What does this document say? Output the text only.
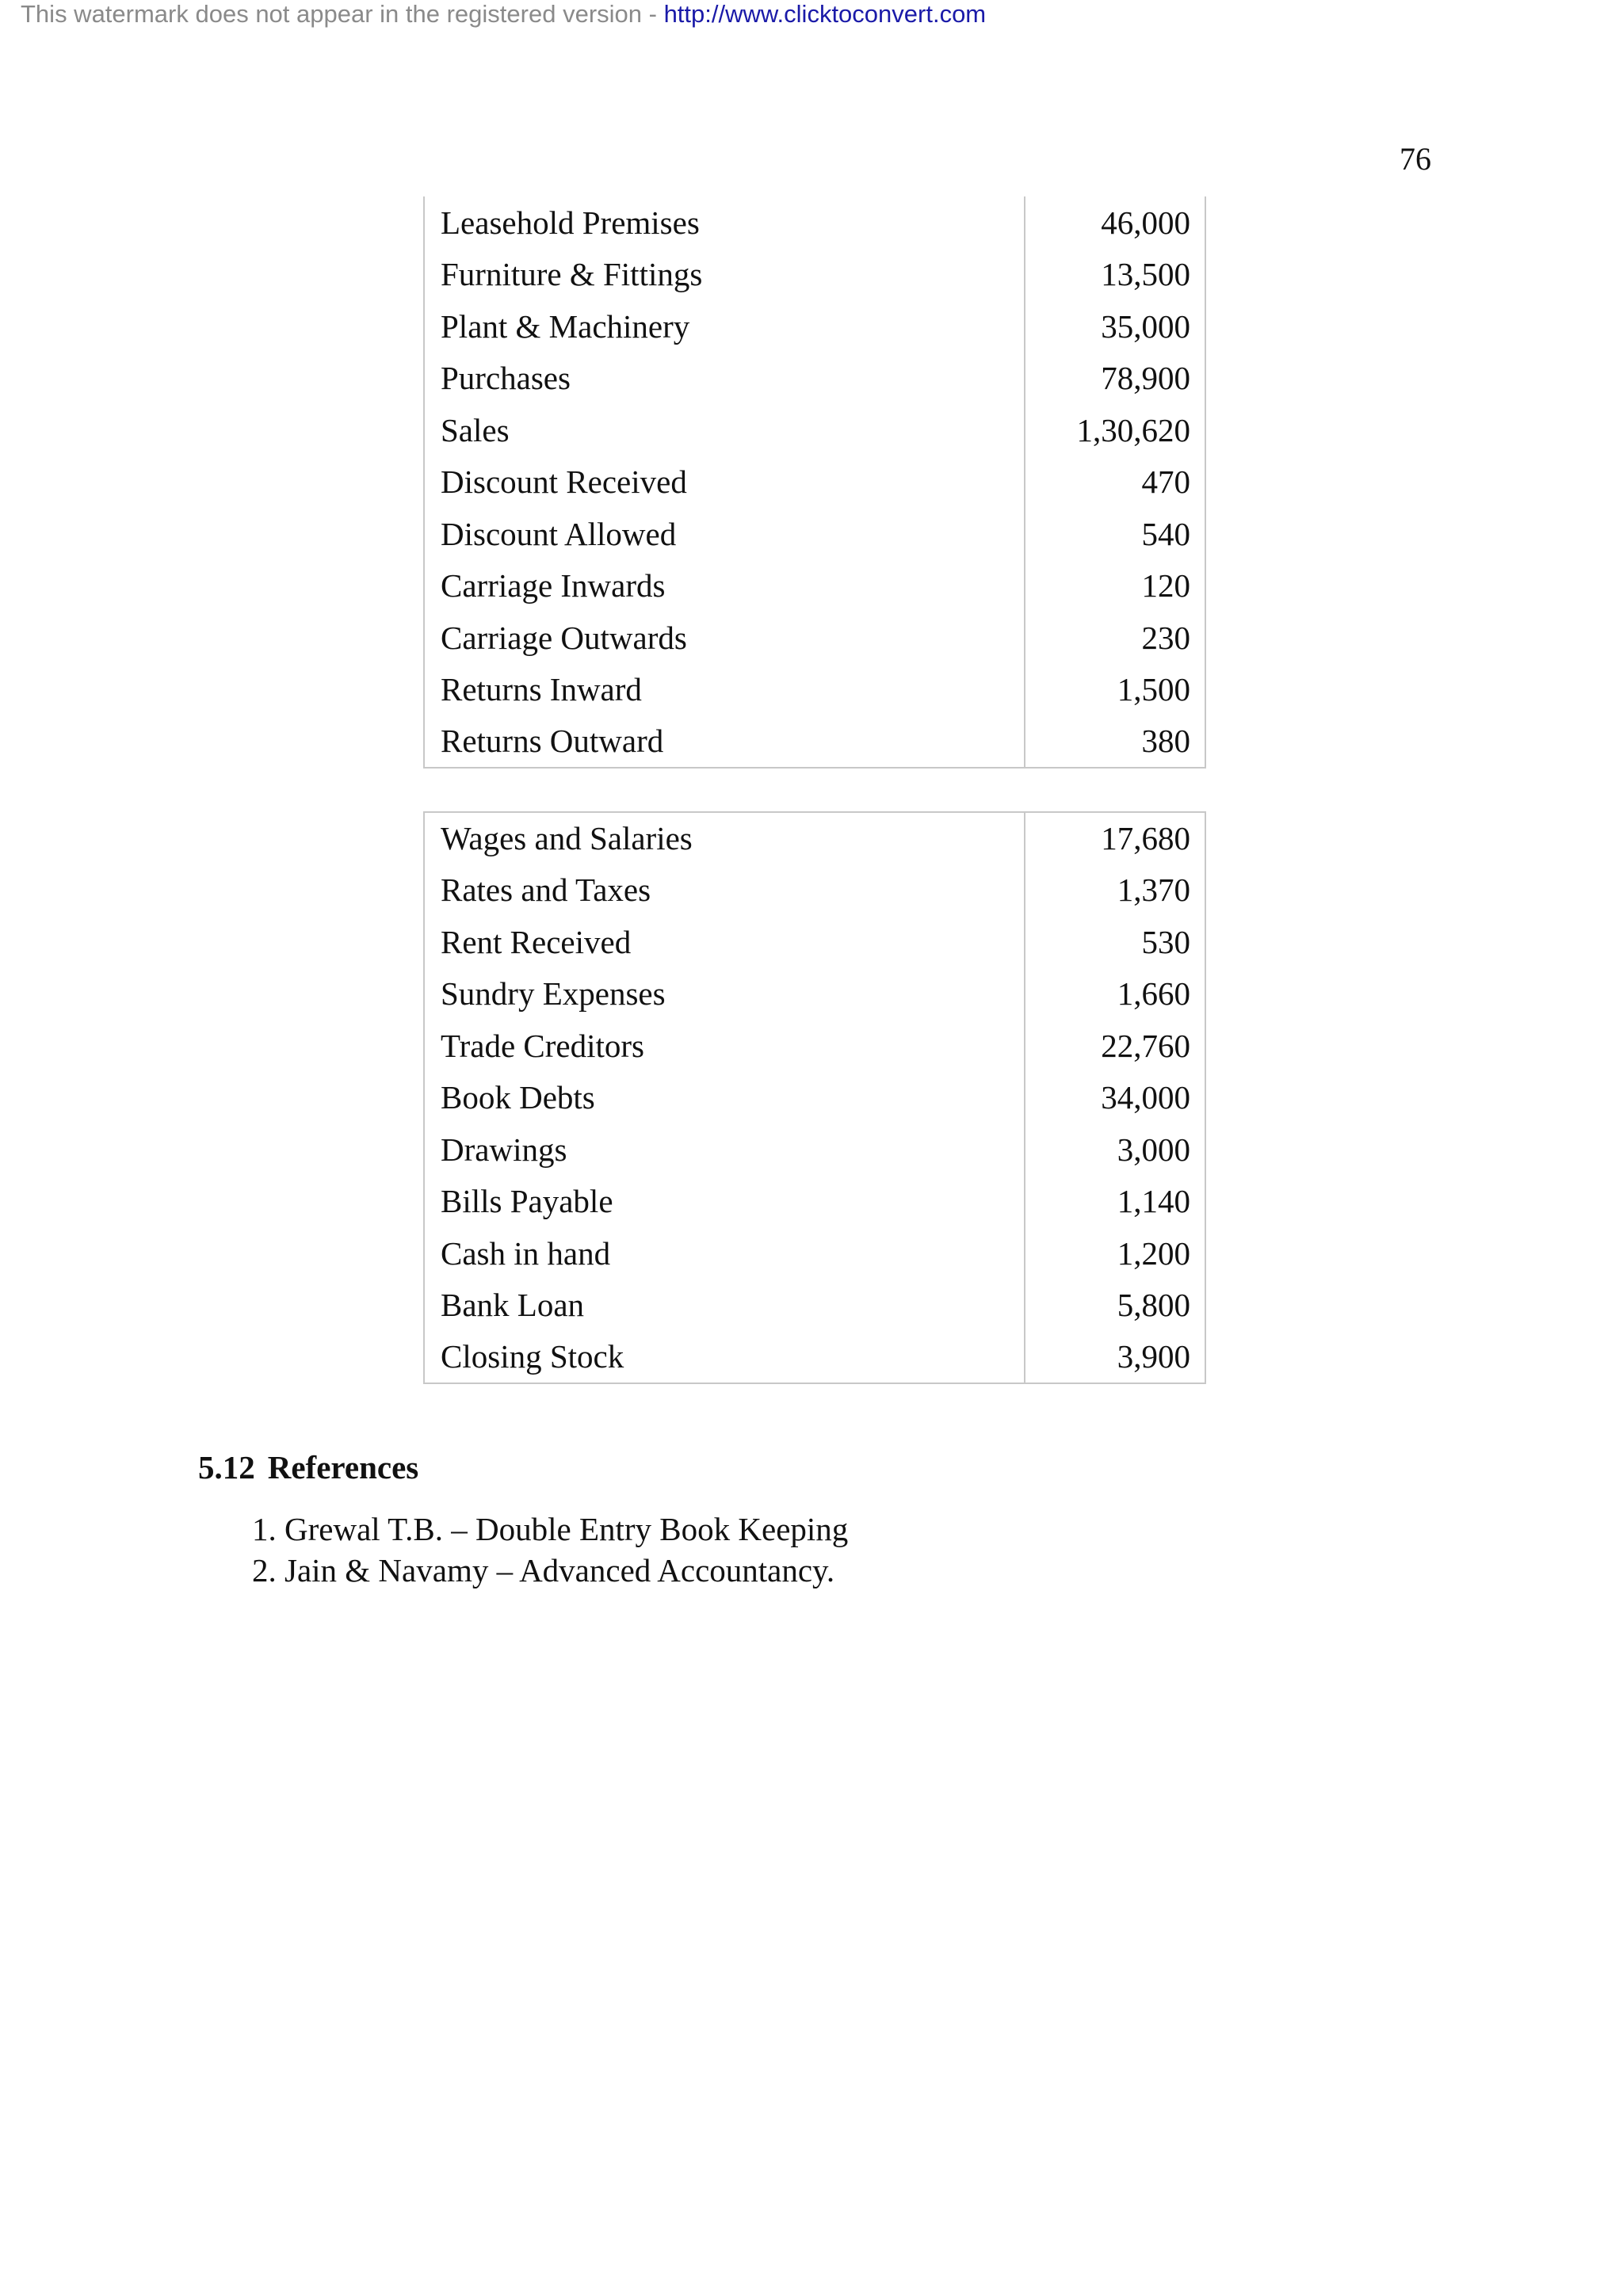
This watermark does not appear in the registered version - http://www.clicktoconvert.com
76
Leasehold Premises	46,000
Furniture & Fittings	13,500
Plant & Machinery	35,000
Purchases	78,900
Sales	1,30,620
Discount Received	470
Discount Allowed	540
Carriage Inwards	120
Carriage Outwards	230
Returns Inward	1,500
Returns Outward	380
Wages and Salaries	17,680
Rates and Taxes	1,370
Rent Received	530
Sundry Expenses	1,660
Trade Creditors	22,760
Book Debts	34,000
Drawings	3,000
Bills Payable	1,140
Cash in hand	1,200
Bank Loan	5,800
Closing Stock	3,900
5.12 References
1. Grewal T.B. – Double Entry Book Keeping
2. Jain & Navamy – Advanced Accountancy.
